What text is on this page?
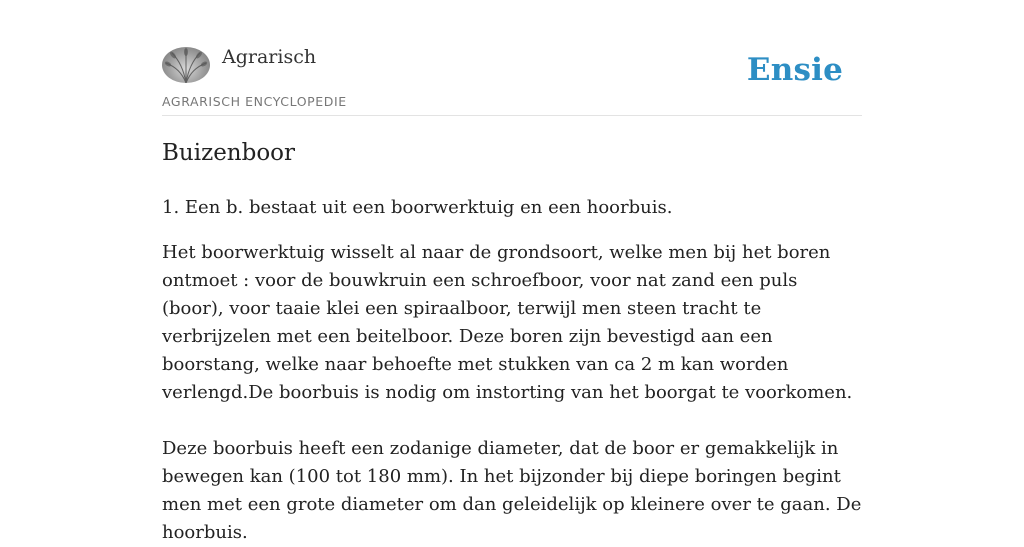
Agrarisch	Ensie
AGRARISCH ENCYCLOPEDIE
Buizenboor

1. Een b. bestaat uit een boorwerktuig en een hoorbuis.

Het boorwerktuig wisselt al naar de grondsoort, welke men bij het boren ontmoet : voor de bouwkruin een schroefboor, voor nat zand een puls (boor), voor taaie klei een spiraalboor, terwijl men steen tracht te verbrijzelen met een beitelboor. Deze boren zijn bevestigd aan een boorstang, welke naar behoefte met stukken van ca 2 m kan worden verlengd.De boorbuis is nodig om instorting van het boorgat te voorkomen.

Deze boorbuis heeft een zodanige diameter, dat de boor er gemakkelijk in bewegen kan (100 tot 180 mm). In het bijzonder bij diepe boringen begint men met een grote diameter om dan geleidelijk op kleinere over te gaan. De hoorbuis.
